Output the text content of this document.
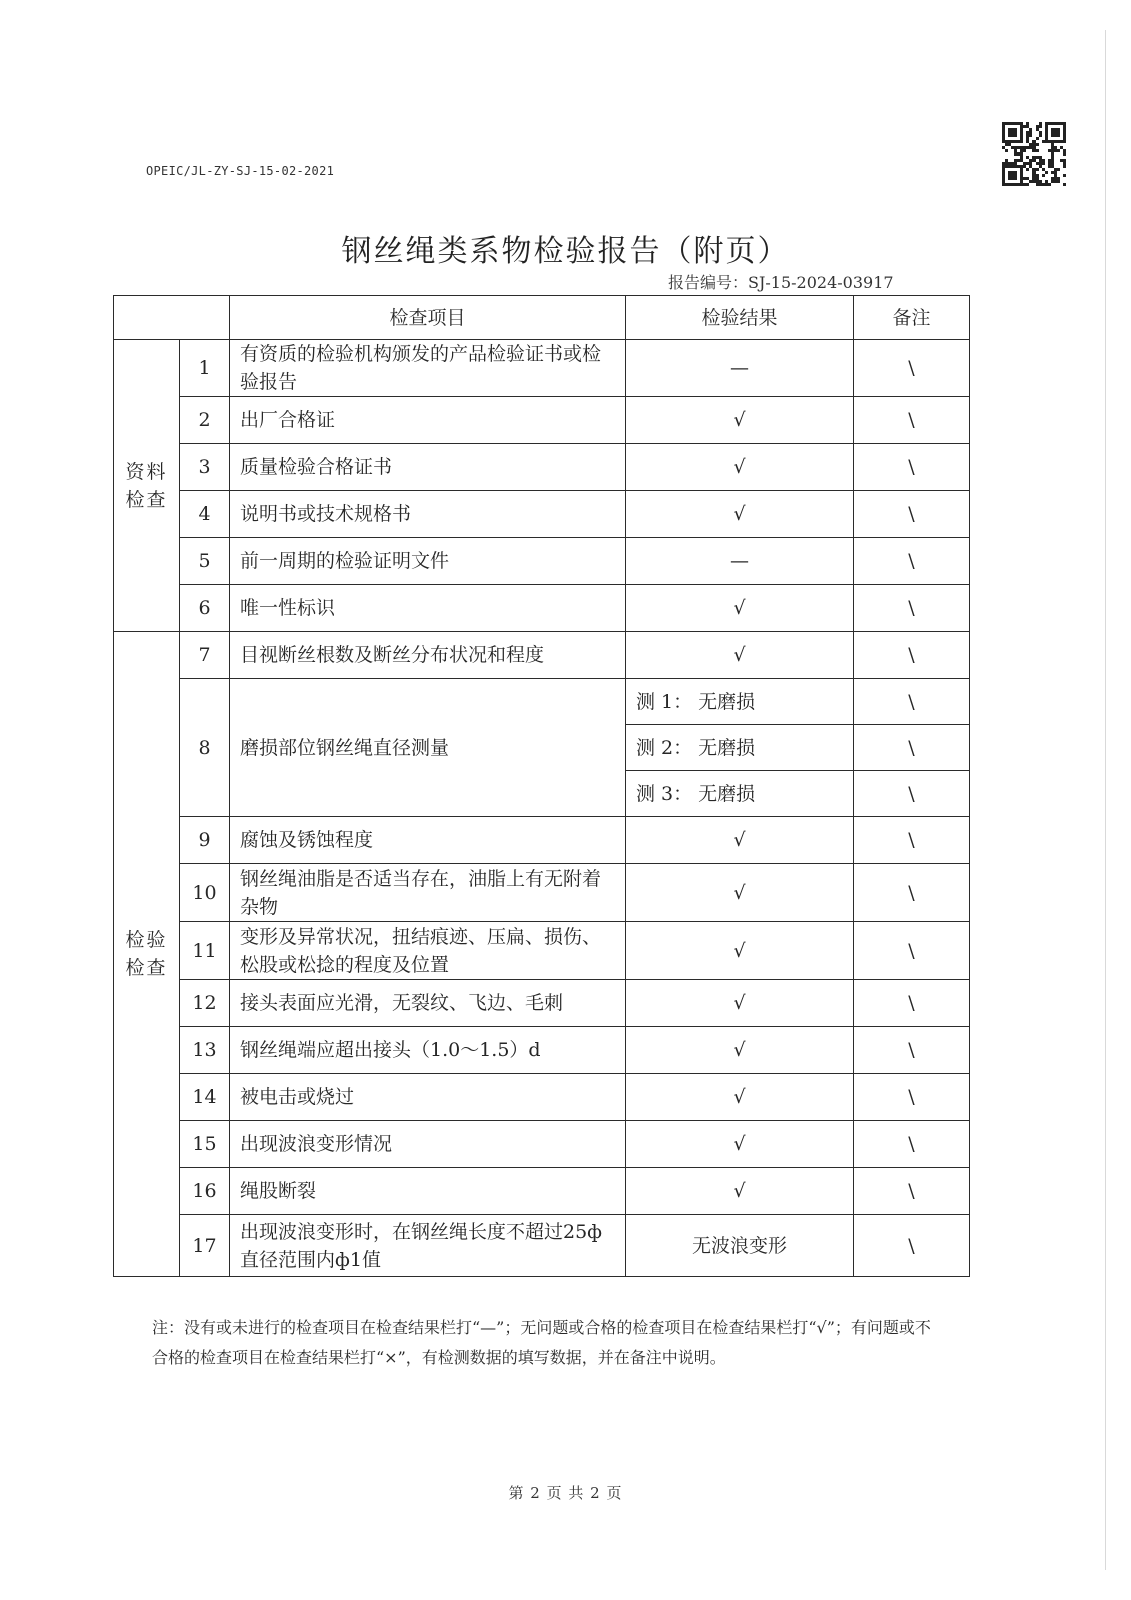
OPEIC/JL-ZY-SJ-15-02-2021
钢丝绳类系物检验报告（附页）
报告编号：SJ-15-2024-03917
		检查项目	检验结果	备注
资料
检查	1	有资质的检验机构颁发的产品检验证书或检验报告	—	\
	2	出厂合格证	√	\
	3	质量检验合格证书	√	\
	4	说明书或技术规格书	√	\
	5	前一周期的检验证明文件	—	\
	6	唯一性标识	√	\
检验
检查	7	目视断丝根数及断丝分布状况和程度	√	\
	8	磨损部位钢丝绳直径测量	测 1： 无磨损	\
			测 2： 无磨损	\
			测 3： 无磨损	\
	9	腐蚀及锈蚀程度	√	\
	10	钢丝绳油脂是否适当存在，油脂上有无附着杂物	√	\
	11	变形及异常状况，扭结痕迹、压扁、损伤、松股或松捻的程度及位置	√	\
	12	接头表面应光滑，无裂纹、飞边、毛刺	√	\
	13	钢丝绳端应超出接头（1.0～1.5）d	√	\
	14	被电击或烧过	√	\
	15	出现波浪变形情况	√	\
	16	绳股断裂	√	\
	17	出现波浪变形时，在钢丝绳长度不超过25ф直径范围内ф1值	无波浪变形	\
注：没有或未进行的检查项目在检查结果栏打“—”；无问题或合格的检查项目在检查结果栏打“√”；有问题或不合格的检查项目在检查结果栏打“×”，有检测数据的填写数据，并在备注中说明。
第 2 页 共 2 页
